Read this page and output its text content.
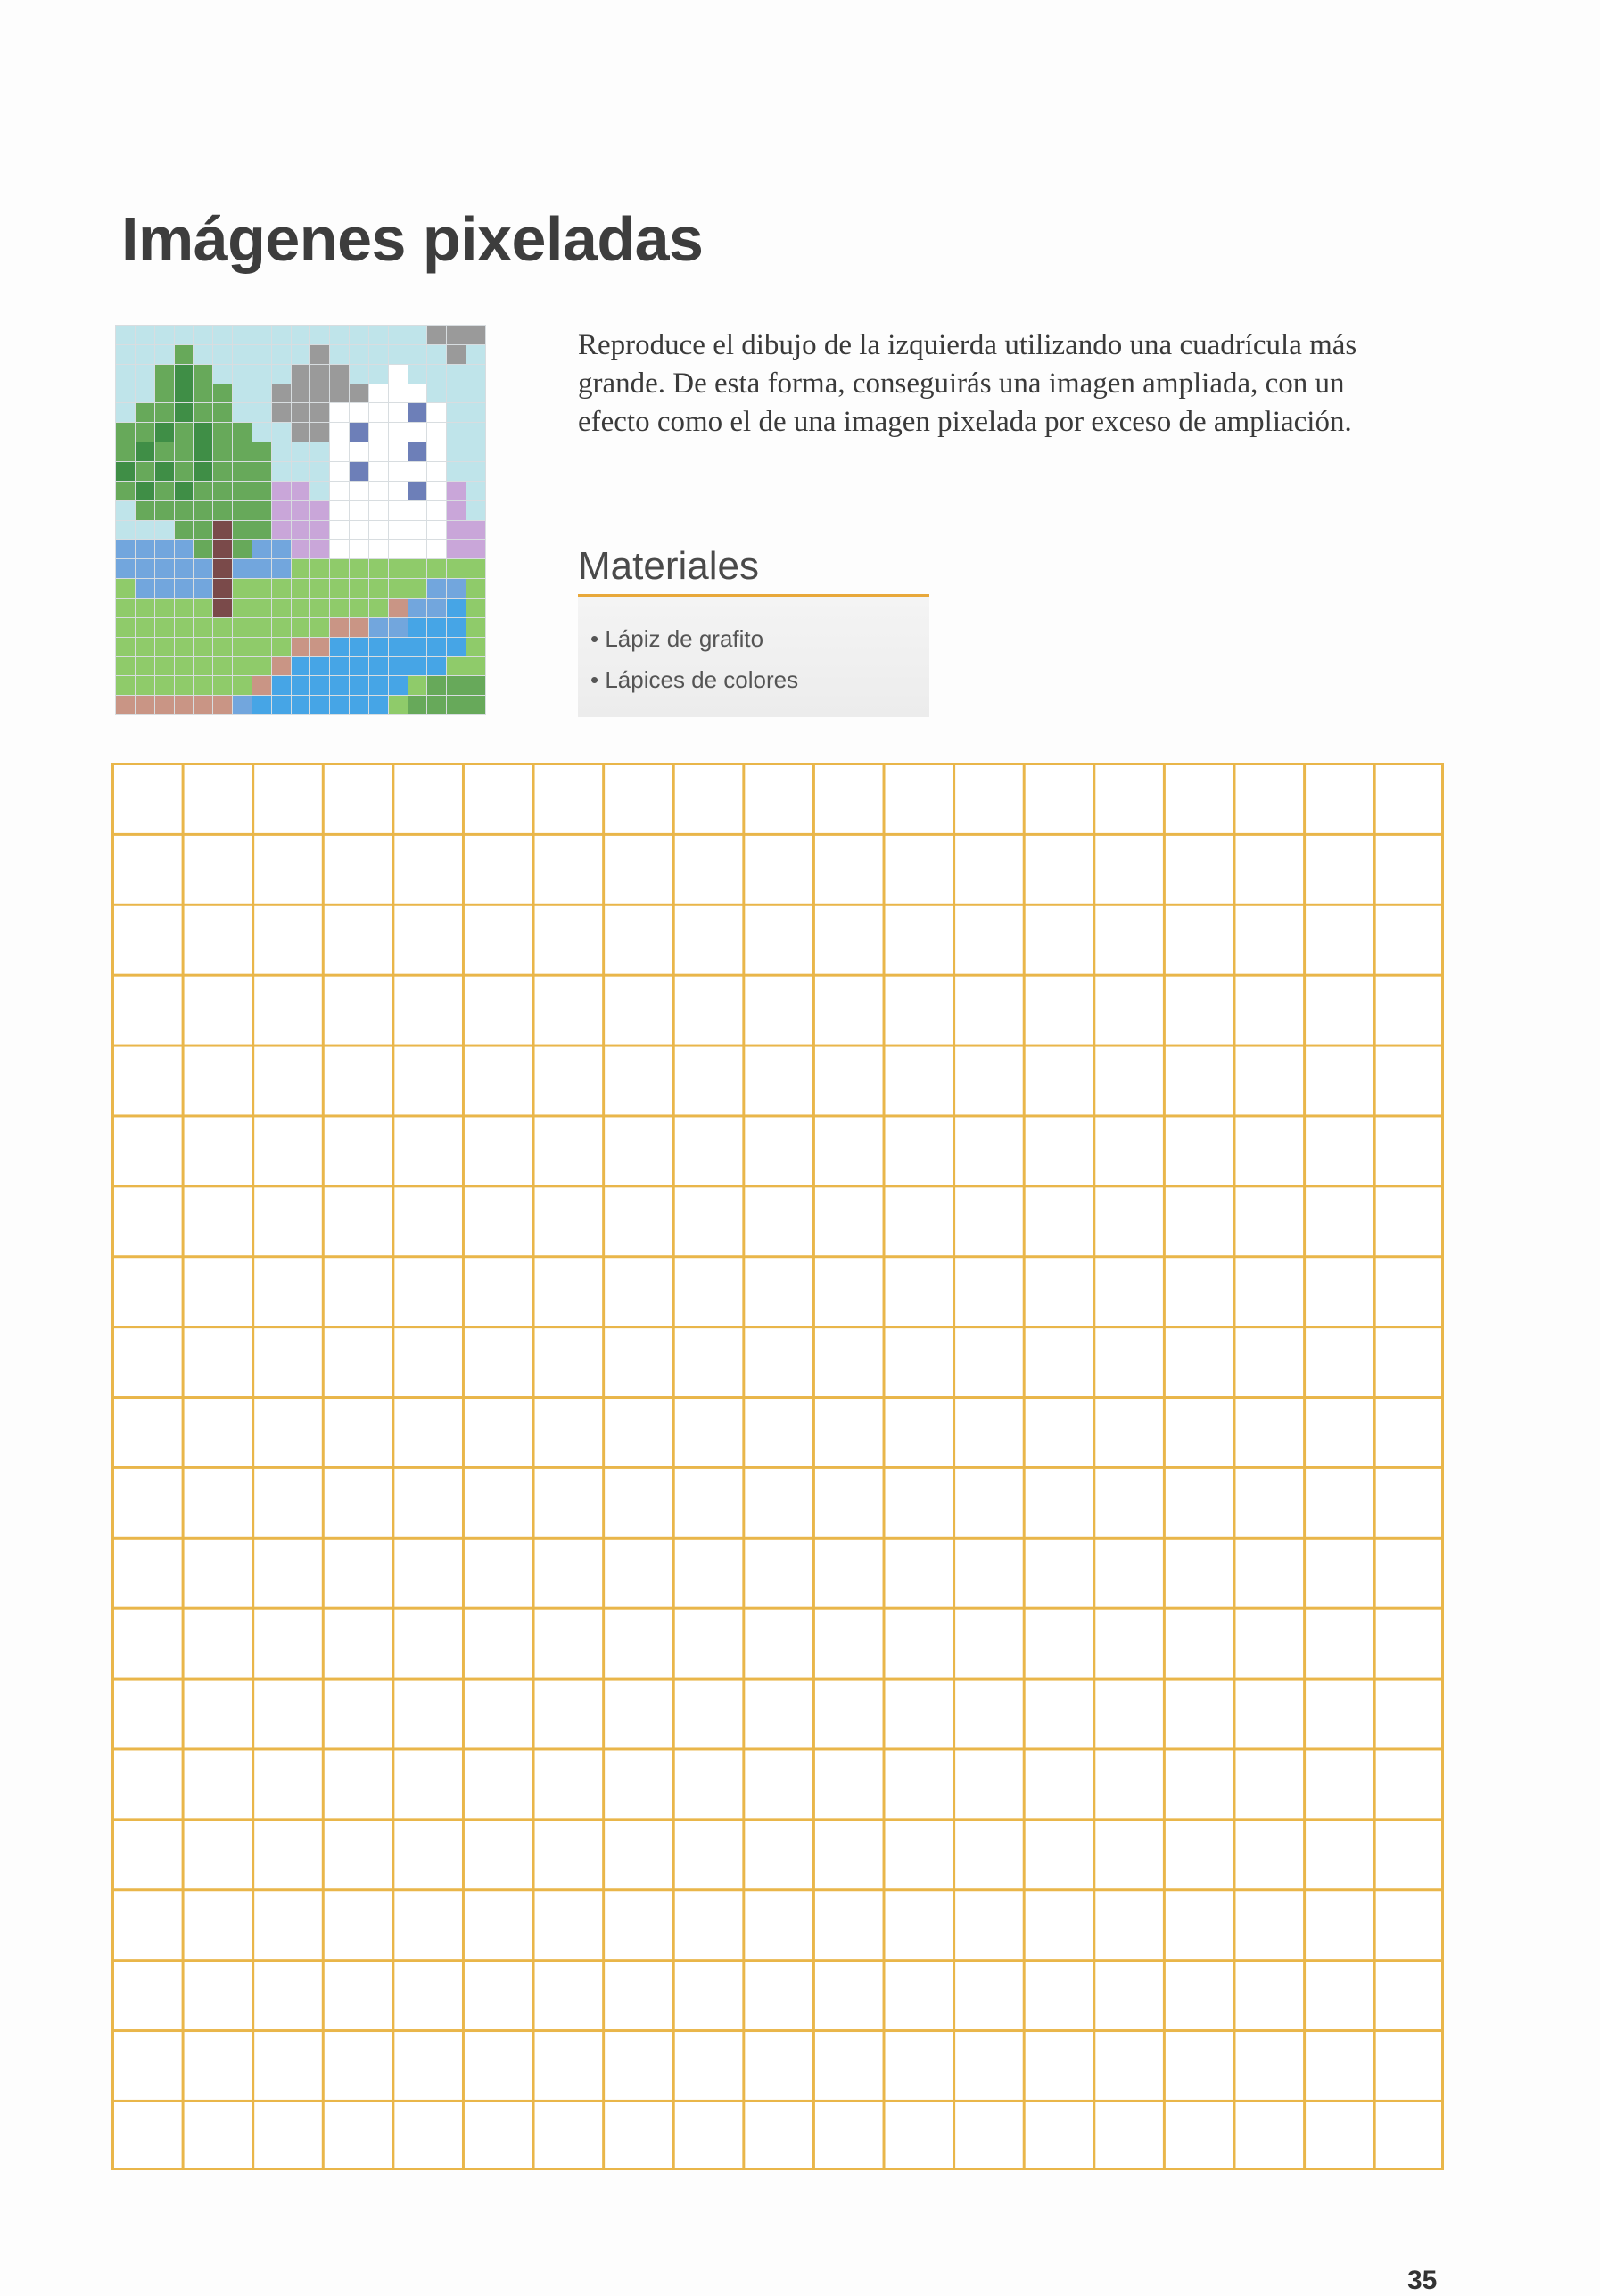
Imágenes pixeladas

Reproduce el dibujo de la izquierda utilizando una cuadrícula más grande. De esta forma, conseguirás una imagen ampliada, con un efecto como el de una imagen pixelada por exceso de ampliación.

Materiales
• Lápiz de grafito
• Lápices de colores
35
